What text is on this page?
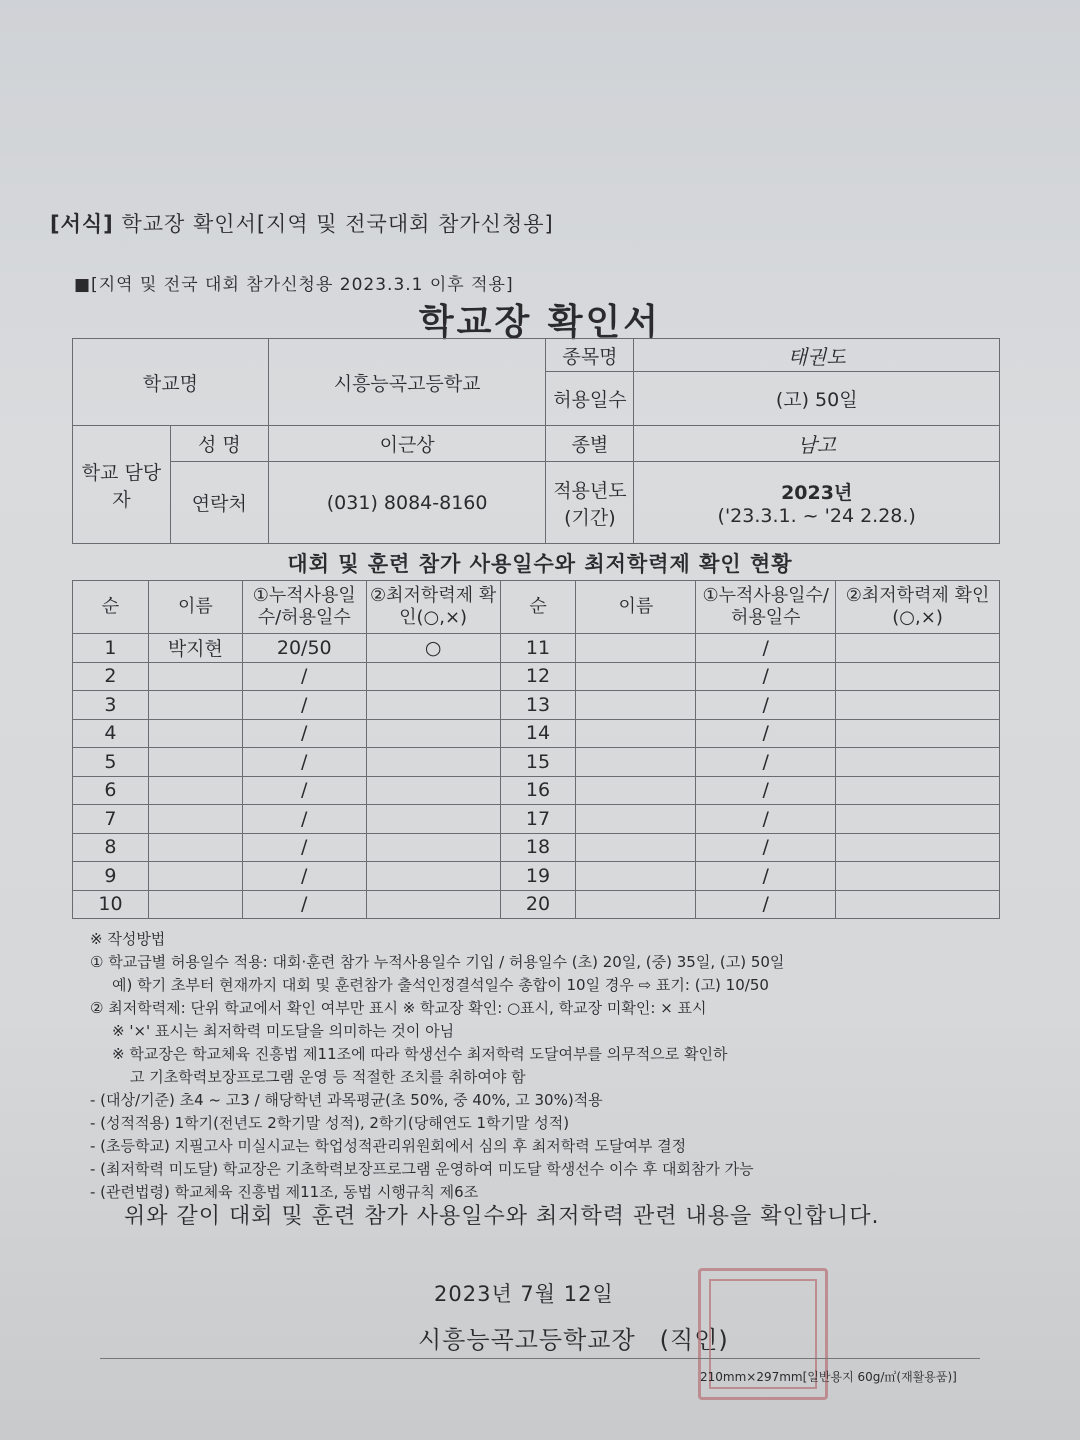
[서식] 학교장 확인서[지역 및 전국대회 참가신청용]
■[지역 및 전국 대회 참가신청용 2023.3.1 이후 적용]
학교장 확인서
학교명		시흥능곡고등학교	종목명	태권도
			허용일수	(고) 50일
학교 담당자	성 명	이근상	종별	남고
	연락처	(031) 8084-8160	적용년도 (기간)	2023년
('23.3.1. ~ '24 2.28.)
대회 및 훈련 참가 사용일수와 최저학력제 확인 현황
순	이름	①누적사용일수/허용일수	②최저학력제 확인(○,×)	순	이름	①누적사용일수/허용일수	②최저학력제 확인(○,×)
1	박지현	20/50	○	11		/	
2		/		12		/	
3		/		13		/	
4		/		14		/	
5		/		15		/	
6		/		16		/	
7		/		17		/	
8		/		18		/	
9		/		19		/	
10		/		20		/	
※ 작성방법
① 학교급별 허용일수 적용: 대회·훈련 참가 누적사용일수 기입 / 허용일수 (초) 20일, (중) 35일, (고) 50일
예) 학기 초부터 현재까지 대회 및 훈련참가 출석인정결석일수 총합이 10일 경우 ⇨ 표기: (고) 10/50
② 최저학력제: 단위 학교에서 확인 여부만 표시 ※ 학교장 확인: ○표시, 학교장 미확인: × 표시
※ '×' 표시는 최저학력 미도달을 의미하는 것이 아님
※ 학교장은 학교체육 진흥법 제11조에 따라 학생선수 최저학력 도달여부를 의무적으로 확인하
고 기초학력보장프로그램 운영 등 적절한 조치를 취하여야 함
- (대상/기준) 초4 ~ 고3 / 해당학년 과목평균(초 50%, 중 40%, 고 30%)적용
- (성적적용) 1학기(전년도 2학기말 성적), 2학기(당해연도 1학기말 성적)
- (초등학교) 지필고사 미실시교는 학업성적관리위원회에서 심의 후 최저학력 도달여부 결정
- (최저학력 미도달) 학교장은 기초학력보장프로그램 운영하여 미도달 학생선수 이수 후 대회참가 가능
- (관련법령) 학교체육 진흥법 제11조, 동법 시행규칙 제6조
위와 같이 대회 및 훈련 참가 사용일수와 최저학력 관련 내용을 확인합니다.
2023년 7월 12일
시흥능곡고등학교장 (직인)
210mm×297mm[일반용지 60g/㎡(재활용품)]
